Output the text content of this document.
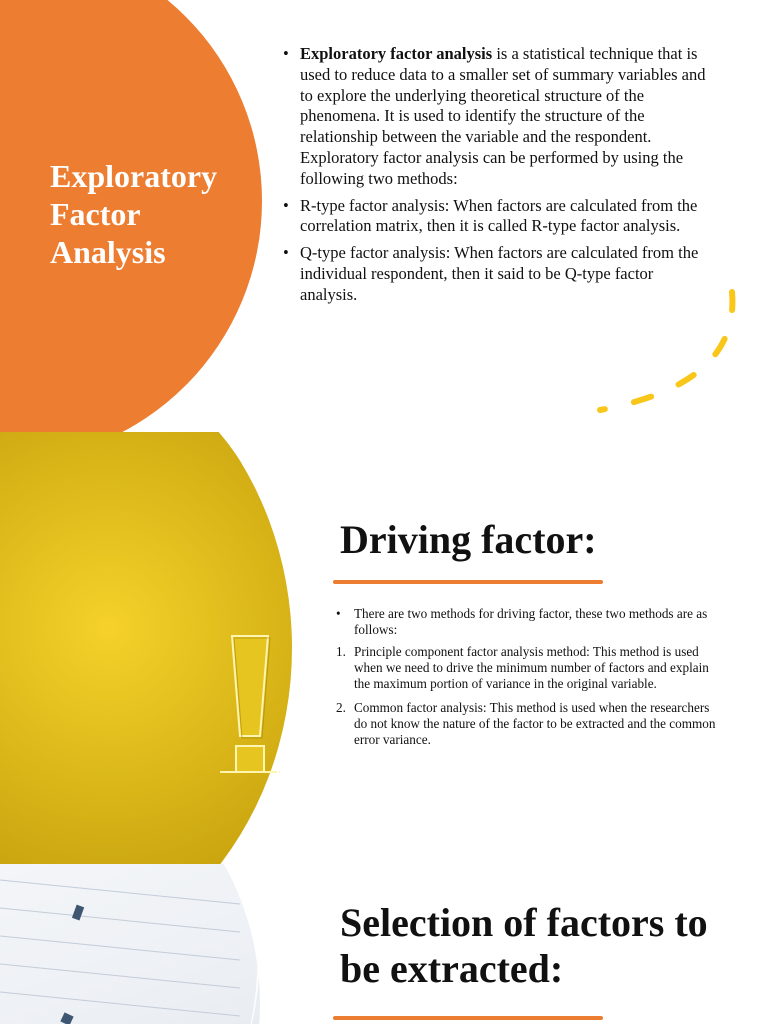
Exploratory Factor Analysis

• Exploratory factor analysis is a statistical technique that is used to reduce data to a smaller set of summary variables and to explore the underlying theoretical structure of the phenomena. It is used to identify the structure of the relationship between the variable and the respondent. Exploratory factor analysis can be performed by using the following two methods:

• R-type factor analysis: When factors are calculated from the correlation matrix, then it is called R-type factor analysis.

• Q-type factor analysis: When factors are calculated from the individual respondent, then it said to be Q-type factor analysis.

Driving factor:

• There are two methods for driving factor, these two methods are as follows:

1. Principle component factor analysis method: This method is used when we need to drive the minimum number of factors and explain the maximum portion of variance in the original variable.

2. Common factor analysis: This method is used when the researchers do not know the nature of the factor to be extracted and the common error variance.

Selection of factors to be extracted:
